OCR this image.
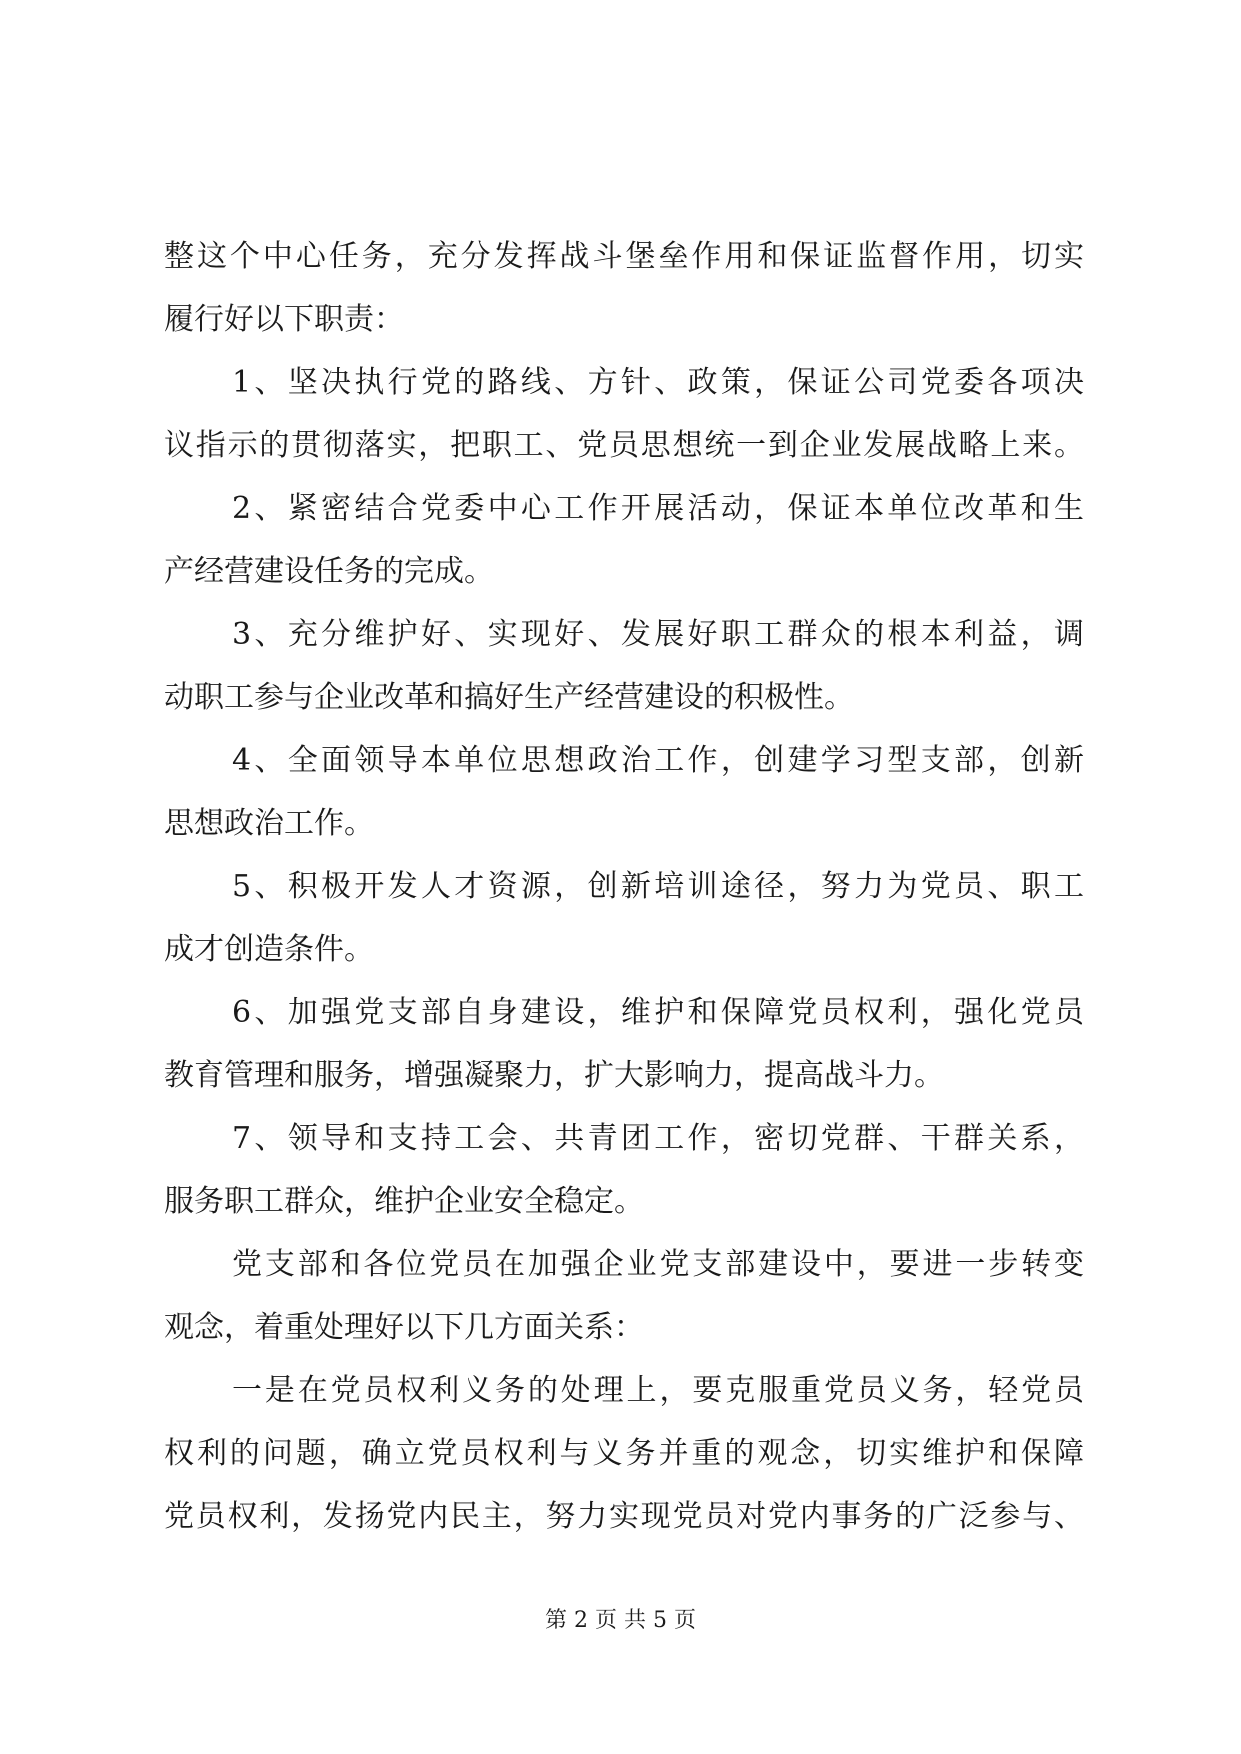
整这个中心任务，充分发挥战斗堡垒作用和保证监督作用，切实
履行好以下职责：
1、坚决执行党的路线、方针、政策，保证公司党委各项决
议指示的贯彻落实，把职工、党员思想统一到企业发展战略上来。
2、紧密结合党委中心工作开展活动，保证本单位改革和生
产经营建设任务的完成。
3、充分维护好、实现好、发展好职工群众的根本利益，调
动职工参与企业改革和搞好生产经营建设的积极性。
4、全面领导本单位思想政治工作，创建学习型支部，创新
思想政治工作。
5、积极开发人才资源，创新培训途径，努力为党员、职工
成才创造条件。
6、加强党支部自身建设，维护和保障党员权利，强化党员
教育管理和服务，增强凝聚力，扩大影响力，提高战斗力。
7、领导和支持工会、共青团工作，密切党群、干群关系，
服务职工群众，维护企业安全稳定。
党支部和各位党员在加强企业党支部建设中，要进一步转变
观念，着重处理好以下几方面关系：
一是在党员权利义务的处理上，要克服重党员义务，轻党员
权利的问题，确立党员权利与义务并重的观念，切实维护和保障
党员权利，发扬党内民主，努力实现党员对党内事务的广泛参与、
第 2 页 共 5 页
